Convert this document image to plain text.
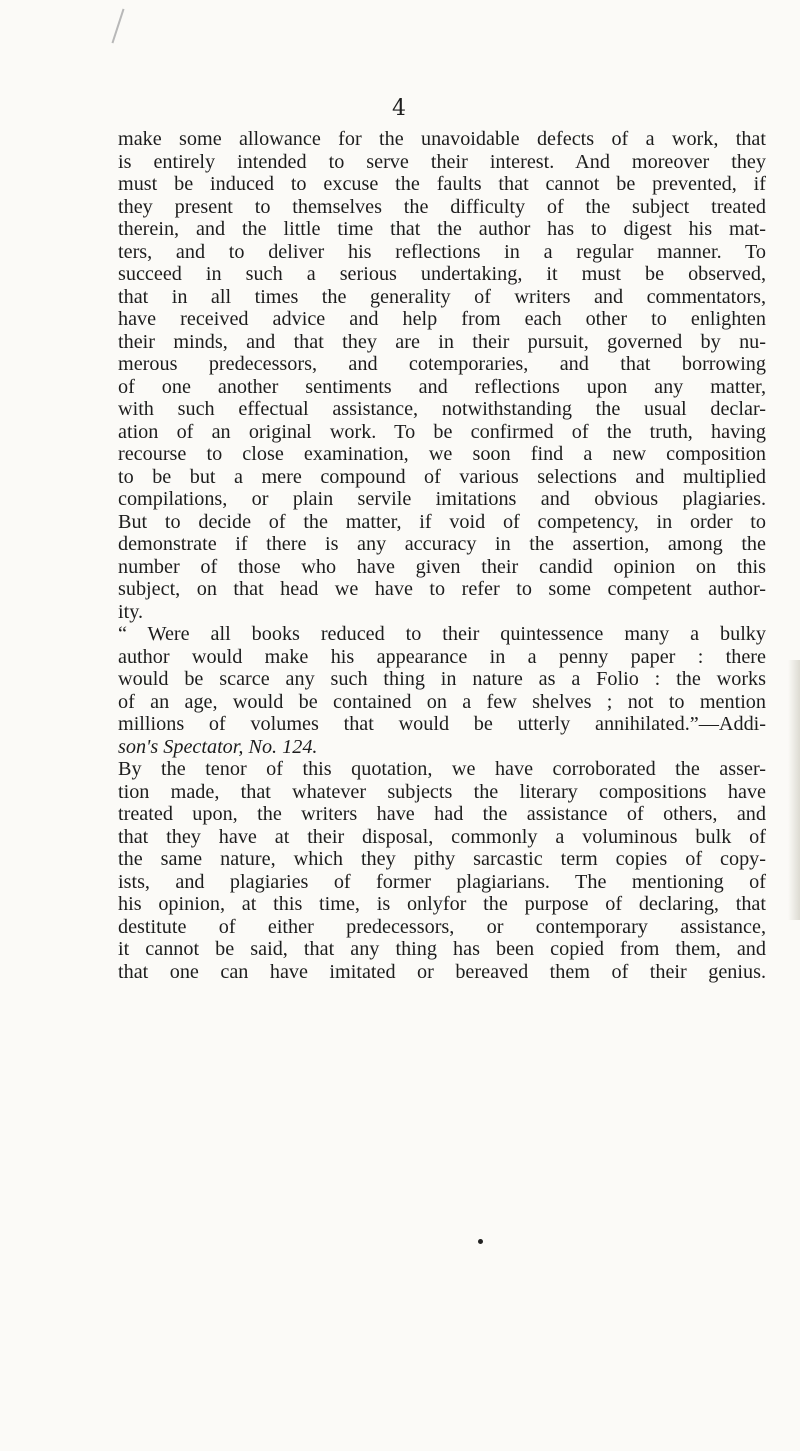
4
make some allowance for the unavoidable defects of a work, that
is entirely intended to serve their interest. And moreover they
must be induced to excuse the faults that cannot be prevented, if
they present to themselves the difficulty of the subject treated
therein, and the little time that the author has to digest his mat-
ters, and to deliver his reflections in a regular manner. To
succeed in such a serious undertaking, it must be observed,
that in all times the generality of writers and commentators,
have received advice and help from each other to enlighten
their minds, and that they are in their pursuit, governed by nu-
merous predecessors, and cotemporaries, and that borrowing
of one another sentiments and reflections upon any matter,
with such effectual assistance, notwithstanding the usual declar-
ation of an original work. To be confirmed of the truth, having
recourse to close examination, we soon find a new composition
to be but a mere compound of various selections and multiplied
compilations, or plain servile imitations and obvious plagiaries.
But to decide of the matter, if void of competency, in order to
demonstrate if there is any accuracy in the assertion, among the
number of those who have given their candid opinion on this
subject, on that head we have to refer to some competent author-
ity.
“ Were all books reduced to their quintessence many a bulky
author would make his appearance in a penny paper : there
would be scarce any such thing in nature as a Folio : the works
of an age, would be contained on a few shelves ; not to mention
millions of volumes that would be utterly annihilated.”—Addi-
son's Spectator, No. 124.
By the tenor of this quotation, we have corroborated the asser-
tion made, that whatever subjects the literary compositions have
treated upon, the writers have had the assistance of others, and
that they have at their disposal, commonly a voluminous bulk of
the same nature, which they pithy sarcastic term copies of copy-
ists, and plagiaries of former plagiarians. The mentioning of
his opinion, at this time, is onlyfor the purpose of declaring, that
destitute of either predecessors, or contemporary assistance,
it cannot be said, that any thing has been copied from them, and
that one can have imitated or bereaved them of their genius.
